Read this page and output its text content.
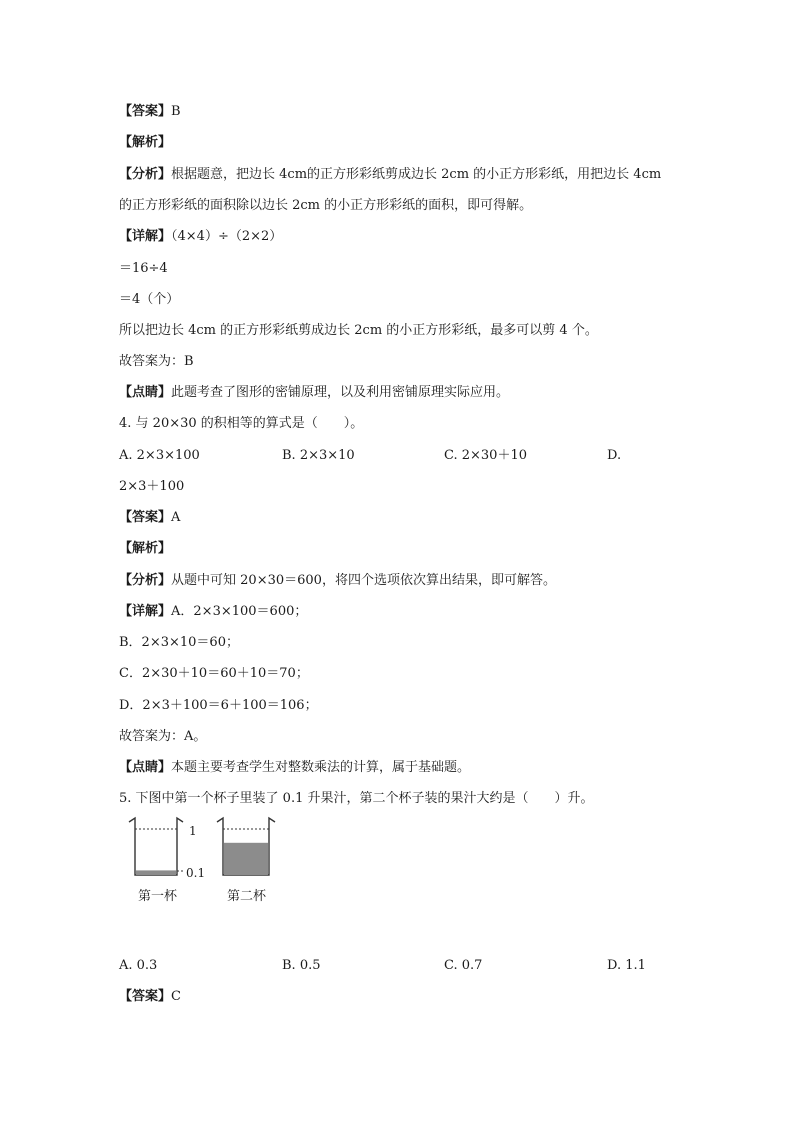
【答案】B
【解析】
【分析】根据题意，把边长 4cm的正方形彩纸剪成边长 2cm 的小正方形彩纸，用把边长 4cm
的正方形彩纸的面积除以边长 2cm 的小正方形彩纸的面积，即可得解。
【详解】（4×4）÷（2×2）
＝16÷4
＝4（个）
所以把边长 4cm 的正方形彩纸剪成边长 2cm 的小正方形彩纸，最多可以剪 4 个。
故答案为：B
【点睛】此题考查了图形的密铺原理，以及利用密铺原理实际应用。
4. 与 20×30 的积相等的算式是（　　）。
A. 2×3×100	B. 2×3×10	C. 2×30＋10	D.
2×3＋100
【答案】A
【解析】
【分析】从题中可知 20×30＝600，将四个选项依次算出结果，即可解答。
【详解】A．2×3×100＝600；
B．2×3×10＝60；
C．2×30＋10＝60＋10＝70；
D．2×3＋100＝6＋100＝106；
故答案为：A。
【点睛】本题主要考查学生对整数乘法的计算，属于基础题。
5. 下图中第一个杯子里装了 0.1 升果汁，第二个杯子装的果汁大约是（　　）升。
1
0.1
第一杯	第二杯
A. 0.3	B. 0.5	C. 0.7	D. 1.1
【答案】C
